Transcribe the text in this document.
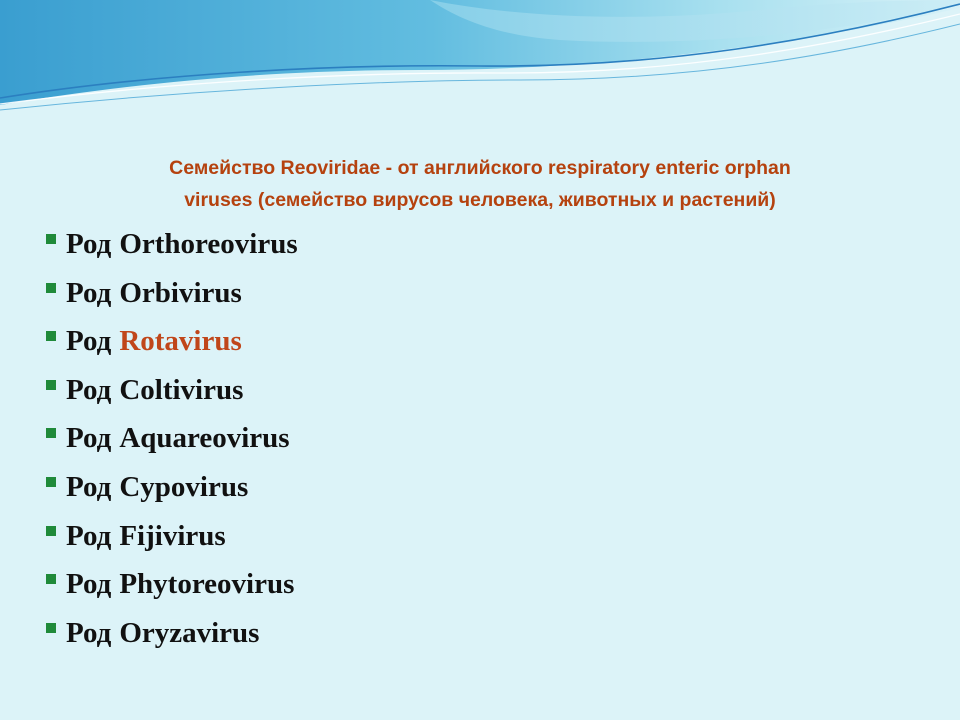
Семейство Reoviridae - от английского respiratory enteric orphan
viruses (семейство вирусов человека, животных и растений)

Род Orthoreovirus
Род Orbivirus
Род Rotavirus
Род Coltivirus
Род Aquareovirus
Род Cypovirus
Род Fijivirus
Род Phytoreovirus
Род Oryzavirus
